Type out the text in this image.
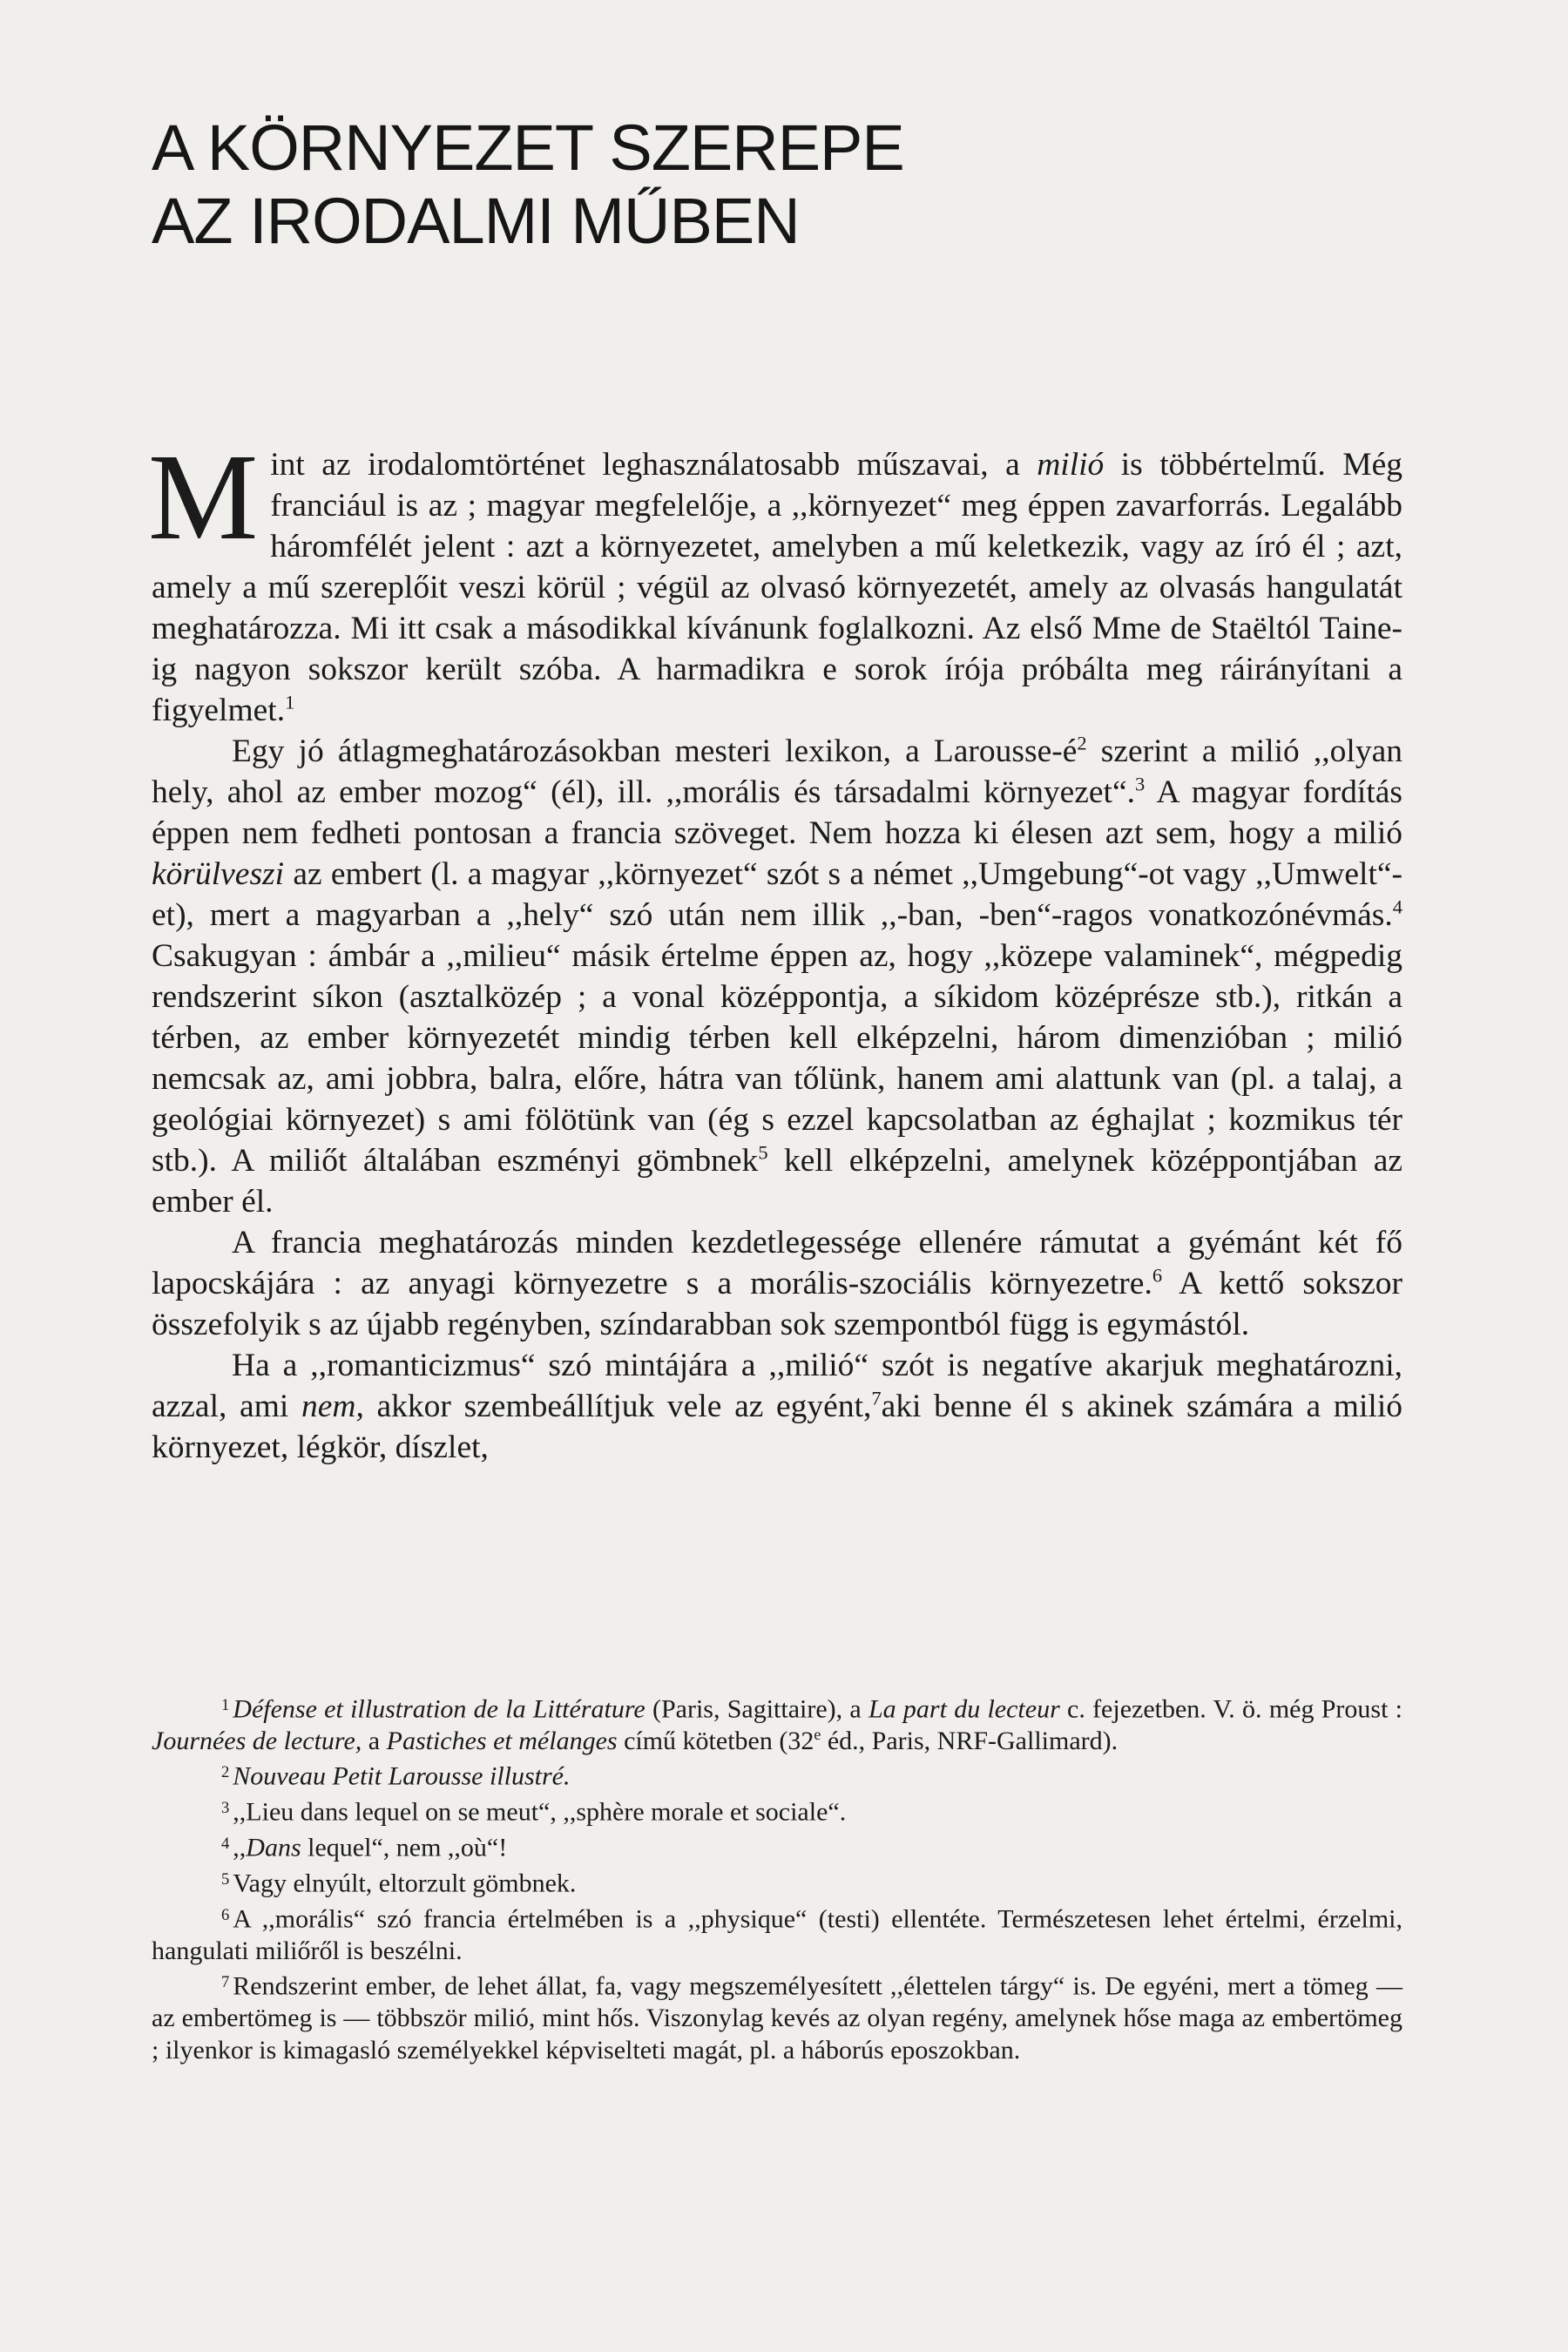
A KÖRNYEZET SZEREPE
AZ IRODALMI MŰBEN

Mint az irodalomtörténet leghasználatosabb műszavai, a milió is többértelmű. Még franciául is az ; magyar megfelelője, a ,,környezet“ meg éppen zavarforrás. Legalább háromfélét jelent : azt a környezetet, amelyben a mű keletkezik, vagy az író él ; azt, amely a mű szereplőit veszi körül ; végül az olvasó környezetét, amely az olvasás hangulatát meghatározza. Mi itt csak a másodikkal kívánunk foglalkozni. Az első Mme de Staëltól Taine-ig nagyon sokszor került szóba. A harmadikra e sorok írója próbálta meg ráirányítani a figyelmet.$^1$

Egy jó átlagmeghatározásokban mesteri lexikon, a Larousse-$é^2$ szerint a milió ,,olyan hely, ahol az ember mozog“ (él), ill. ,,morális és társadalmi környezet“.$^3$ A magyar fordítás éppen nem fedheti pontosan a francia szöveget. Nem hozza ki élesen azt sem, hogy a milió körülveszi az embert (l. a magyar ,,környezet“ szót s a német ,,Umgebung“-ot vagy ,,Umwelt“-et), mert a magyarban a ,,hely“ szó után nem illik ,,-ban, -ben“-ragos vonatkozónévmás.$^4$ Csakugyan : ámbár a ,,milieu“ másik értelme éppen az, hogy ,,közepe valaminek“, mégpedig rendszerint síkon (asztalközép ; a vonal középpontja, a síkidom középrésze stb.), ritkán a térben, az ember környezetét mindig térben kell elképzelni, három dimenzióban ; milió nemcsak az, ami jobbra, balra, előre, hátra van tőlünk, hanem ami alattunk van (pl. a talaj, a geológiai környezet) s ami fölötünk van (ég s ezzel kapcsolatban az éghajlat ; kozmikus tér stb.). A miliőt általában eszményi gömbnek$^5$ kell elképzelni, amelynek középpontjában az ember él.

A francia meghatározás minden kezdetlegessége ellenére rámutat a gyémánt két fő lapocskájára : az anyagi környezetre s a morális-szociális környezetre.$^6$ A kettő sokszor összefolyik s az újabb regényben, színdarabban sok szempontból függ is egymástól.

Ha a ,,romanticizmus“ szó mintájára a ,,milió“ szót is negatíve akarjuk meghatározni, azzal, ami nem, akkor szembeállítjuk vele az egyént,$^7$aki benne él s akinek számára a milió környezet, légkör, díszlet,

$^1$ Défense et illustration de la Littérature (Paris, Sagittaire), a La part du lecteur c. fejezetben. V. ö. még Proust : Journées de lecture, a Pastiches et mélanges című kötetben (32e éd., Paris, NRF-Gallimard).

$^2$ Nouveau Petit Larousse illustré.

$^3$ ,,Lieu dans lequel on se meut“, ,,sphère morale et sociale“.

$^4$ ,,Dans lequel“, nem ,,où“!

$^5$ Vagy elnyúlt, eltorzult gömbnek.

$^6$ A ,,morális“ szó francia értelmében is a ,,physique“ (testi) ellentéte. Természetesen lehet értelmi, érzelmi, hangulati miliőről is beszélni.

$^7$ Rendszerint ember, de lehet állat, fa, vagy megszemélyesített ,,élettelen tárgy“ is. De egyéni, mert a tömeg — az embertömeg is — többször milió, mint hős. Viszonylag kevés az olyan regény, amelynek hőse maga az embertömeg ; ilyenkor is kimagasló személyekkel képviselteti magát, pl. a háborús eposzokban.
